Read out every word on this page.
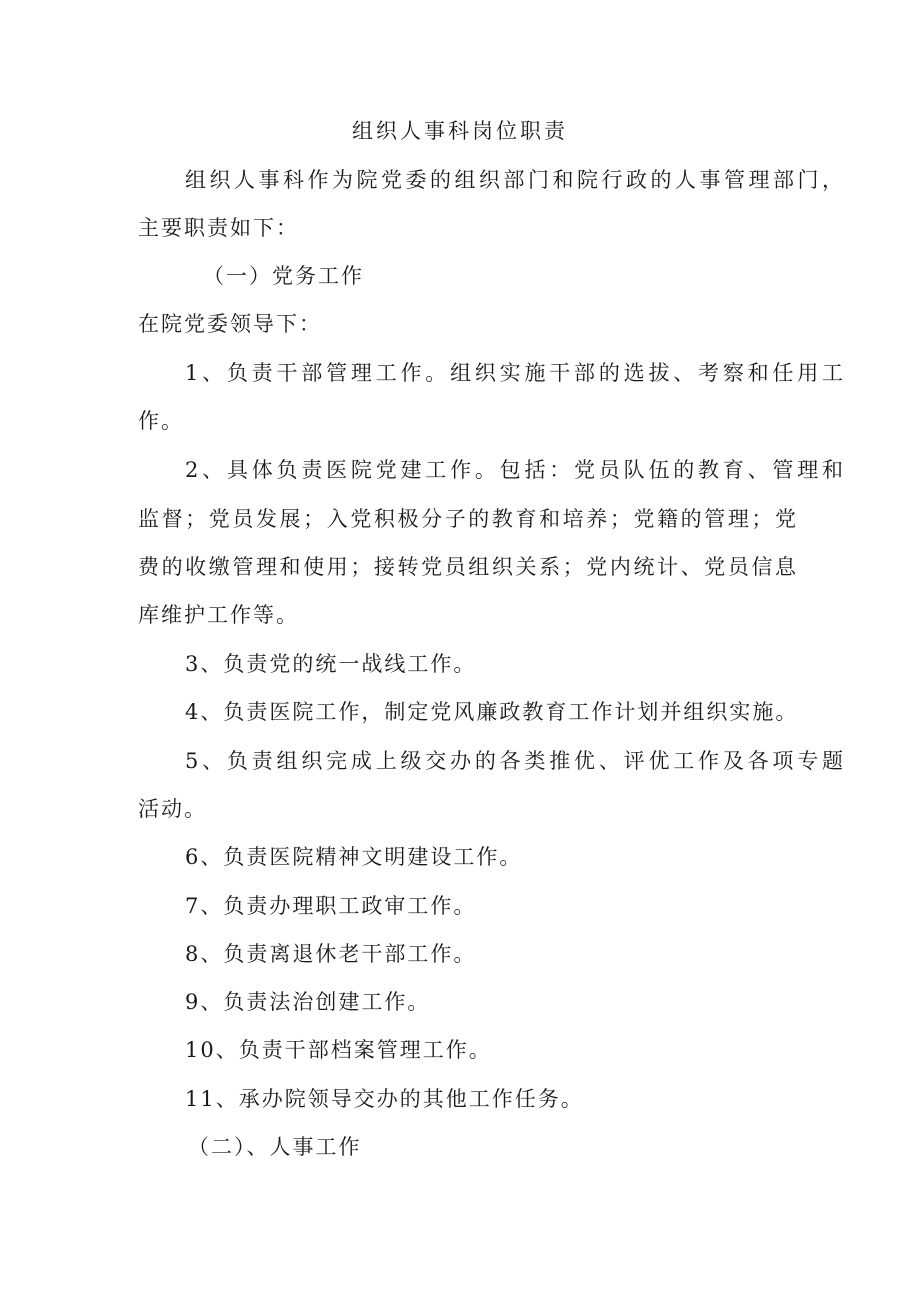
组织人事科岗位职责
组织人事科作为院党委的组织部门和院行政的人事管理部门，
主要职责如下：
（一）党务工作
在院党委领导下：
1、负责干部管理工作。组织实施干部的选拔、考察和任用工
作。
2、具体负责医院党建工作。包括：党员队伍的教育、管理和
监督；党员发展；入党积极分子的教育和培养；党籍的管理；党
费的收缴管理和使用；接转党员组织关系；党内统计、党员信息
库维护工作等。
3、负责党的统一战线工作。
4、负责医院工作，制定党风廉政教育工作计划并组织实施。
5、负责组织完成上级交办的各类推优、评优工作及各项专题
活动。
6、负责医院精神文明建设工作。
7、负责办理职工政审工作。
8、负责离退休老干部工作。
9、负责法治创建工作。
10、负责干部档案管理工作。
11、承办院领导交办的其他工作任务。
（二）、人事工作
